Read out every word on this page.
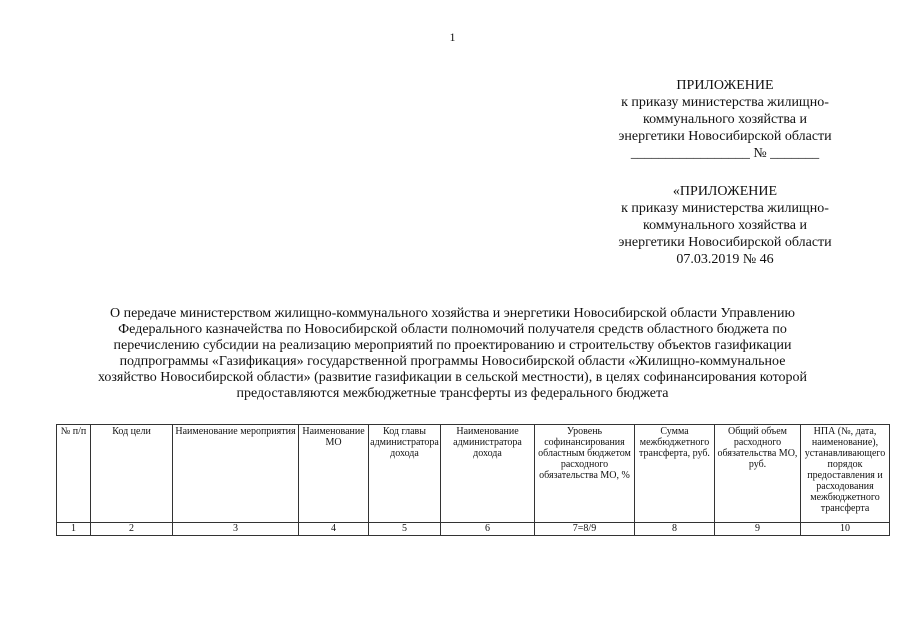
1
ПРИЛОЖЕНИЕ
к приказу министерства жилищно-
коммунального хозяйства и
энергетики Новосибирской области
_________________ № _______
«ПРИЛОЖЕНИЕ
к приказу министерства жилищно-
коммунального хозяйства и
энергетики Новосибирской области
07.03.2019 № 46
О передаче министерством жилищно-коммунального хозяйства и энергетики Новосибирской области Управлению
Федерального казначейства по Новосибирской области полномочий получателя средств областного бюджета по
перечислению субсидии на реализацию мероприятий по проектированию и строительству объектов газификации
подпрограммы «Газификация» государственной программы Новосибирской области «Жилищно-коммунальное
хозяйство Новосибирской области» (развитие газификации в сельской местности), в целях софинансирования которой
предоставляются межбюджетные трансферты из федерального бюджета
№ п/п	Код цели	Наименование мероприятия	Наименование МО	Код главы администратора дохода	Наименование администратора дохода	Уровень софинансирования областным бюджетом расходного обязательства МО, %	Сумма межбюджетного трансферта, руб.	Общий объем расходного обязательства МО, руб.	НПА (№, дата, наименование), устанавливающего порядок предоставления и расходования межбюджетного трансферта
1	2	3	4	5	6	7=8/9	8	9	10
